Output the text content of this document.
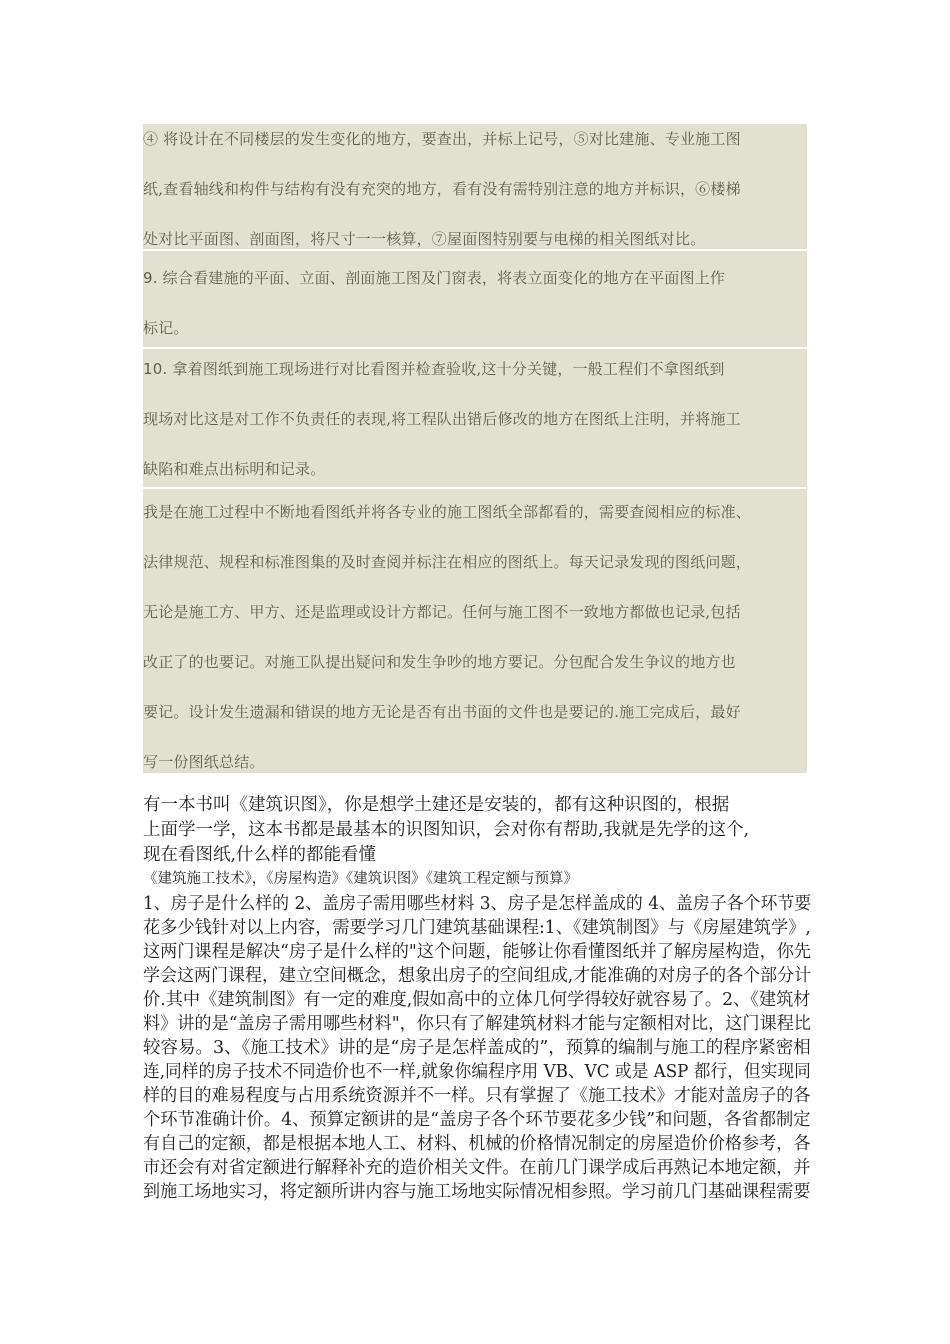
④ 将设计在不同楼层的发生变化的地方，要查出，并标上记号，⑤对比建施、专业施工图
纸,查看轴线和构件与结构有没有充突的地方，看有没有需特别注意的地方并标识，⑥楼梯
处对比平面图、剖面图，将尺寸一一核算，⑦屋面图特别要与电梯的相关图纸对比。
9. 综合看建施的平面、立面、剖面施工图及门窗表，将表立面变化的地方在平面图上作
标记。
10. 拿着图纸到施工现场进行对比看图并检查验收,这十分关键，一般工程们不拿图纸到
现场对比这是对工作不负责任的表现,将工程队出错后修改的地方在图纸上注明，并将施工
缺陷和难点出标明和记录。
我是在施工过程中不断地看图纸并将各专业的施工图纸全部都看的，需要查阅相应的标准、
法律规范、规程和标准图集的及时查阅并标注在相应的图纸上。每天记录发现的图纸问题，
无论是施工方、甲方、还是监理或设计方都记。任何与施工图不一致地方都做也记录,包括
改正了的也要记。对施工队提出疑问和发生争吵的地方要记。分包配合发生争议的地方也
要记。设计发生遗漏和错误的地方无论是否有出书面的文件也是要记的.施工完成后，最好
写一份图纸总结。
有一本书叫《建筑识图》，你是想学土建还是安装的，都有这种识图的，根据
上面学一学，这本书都是最基本的识图知识，会对你有帮助,我就是先学的这个,
现在看图纸,什么样的都能看懂
《建筑施工技术》，《房屋构造》《建筑识图》《建筑工程定额与预算》
1、房子是什么样的 2、盖房子需用哪些材料 3、房子是怎样盖成的 4、盖房子各个环节要
花多少钱针对以上内容，需要学习几门建筑基础课程:1、《建筑制图》与《房屋建筑学》,
这两门课程是解决“房子是什么样的"这个问题，能够让你看懂图纸并了解房屋构造，你先
学会这两门课程，建立空间概念，想象出房子的空间组成,才能准确的对房子的各个部分计
价.其中《建筑制图》有一定的难度,假如高中的立体几何学得较好就容易了。2、《建筑材
料》讲的是“盖房子需用哪些材料"，你只有了解建筑材料才能与定额相对比，这门课程比
较容易。3、《施工技术》讲的是“房子是怎样盖成的”，预算的编制与施工的程序紧密相
连,同样的房子技术不同造价也不一样,就象你编程序用 VB、VC 或是 ASP 都行，但实现同
样的目的难易程度与占用系统资源并不一样。只有掌握了《施工技术》才能对盖房子的各
个环节准确计价。4、预算定额讲的是“盖房子各个环节要花多少钱”和问题，各省都制定
有自己的定额，都是根据本地人工、材料、机械的价格情况制定的房屋造价价格参考，各
市还会有对省定额进行解释补充的造价相关文件。在前几门课学成后再熟记本地定额，并
到施工场地实习，将定额所讲内容与施工场地实际情况相参照。学习前几门基础课程需要
